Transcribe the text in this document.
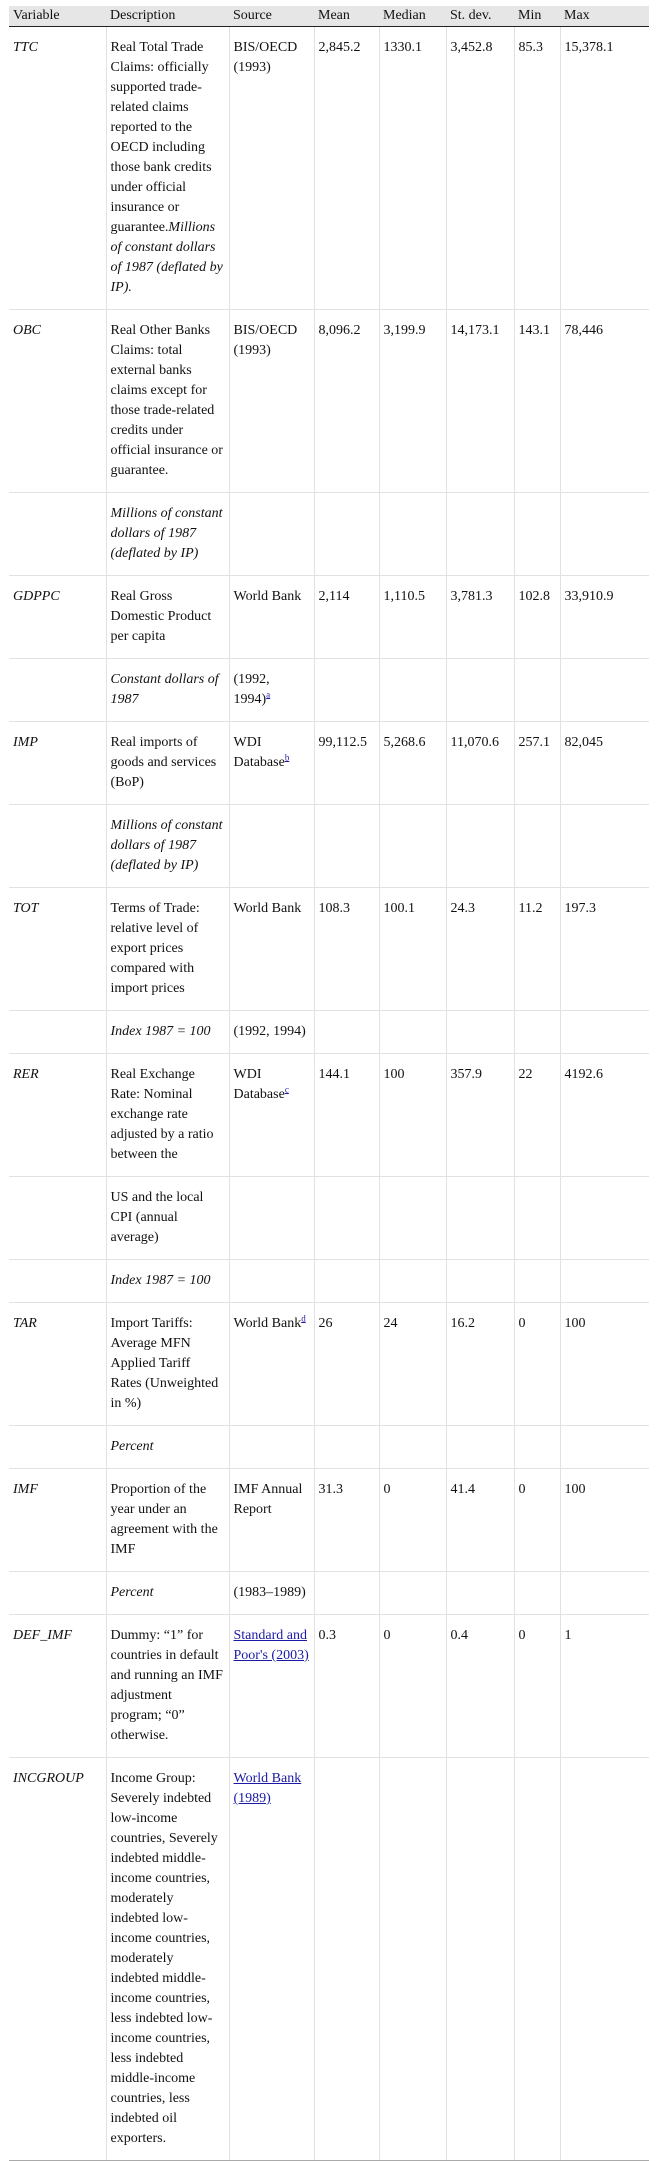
Variable	Description	Source	Mean	Median	St. dev.	Min	Max
TTC	Real Total Trade Claims: officially supported trade-related claims reported to the OECD including those bank credits under official insurance or guarantee.Millions of constant dollars of 1987 (deflated by IP).	BIS/OECD (1993)	2,845.2	1330.1	3,452.8	85.3	15,378.1
OBC	Real Other Banks Claims: total external banks claims except for those trade-related credits under official insurance or guarantee.	BIS/OECD (1993)	8,096.2	3,199.9	14,173.1	143.1	78,446
	Millions of constant dollars of 1987 (deflated by IP)						
GDPPC	Real Gross Domestic Product per capita	World Bank	2,114	1,110.5	3,781.3	102.8	33,910.9
	Constant dollars of 1987	(1992, 1994)$^a$					
IMP	Real imports of goods and services (BoP)	WDI Database$^b$	99,112.5	5,268.6	11,070.6	257.1	82,045
	Millions of constant dollars of 1987 (deflated by IP)						
TOT	Terms of Trade: relative level of export prices compared with import prices	World Bank	108.3	100.1	24.3	11.2	197.3
	Index 1987 = 100	(1992, 1994)					
RER	Real Exchange Rate: Nominal exchange rate adjusted by a ratio between the	WDI Database$^c$	144.1	100	357.9	22	4192.6
	US and the local CPI (annual average)						
	Index 1987 = 100						
TAR	Import Tariffs: Average MFN Applied Tariff Rates (Unweighted in %)	World Bank$^d$	26	24	16.2	0	100
	Percent						
IMF	Proportion of the year under an agreement with the IMF	IMF Annual Report	31.3	0	41.4	0	100
	Percent	(1983–1989)					
DEF_IMF	Dummy: “1” for countries in default and running an IMF adjustment program; “0” otherwise.	Standard and Poor's (2003)	0.3	0	0.4	0	1
INCGROUP	Income Group: Severely indebted low-income countries, Severely indebted middle-income countries, moderately indebted low-income countries, moderately indebted middle-income countries, less indebted low-income countries, less indebted middle-income countries, less indebted oil exporters.	World Bank (1989)					
